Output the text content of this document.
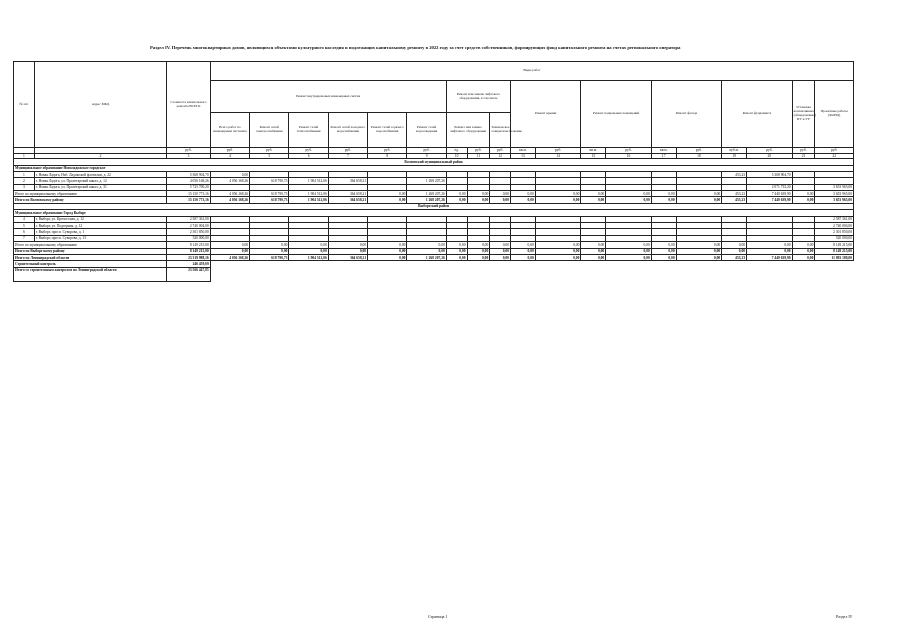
Раздел IV. Перечень многоквартирных домов, являющихся объектами культурного наследия и подлежащих капитальному ремонту в 2022 году за счет средств собственников, формирующих фонд капитального ремонта на счетах регионального оператора
№ п/п	Адрес МКД	Стоимость капитального ремонта ВСЕГО	Виды работ																		
			Ремонт внутридомовых инженерных систем						Ремонт или замена лифтового оборудования, в том числе			Ремонт крыши		Ремонт подвальных помещений		Ремонт фасада		Ремонт фундамента		Установка коллективных (общедомовых) ПУ и УУ	Проектные работы (ФОНД)
			Всего работ по инженерным системам	Ремонт сетей электроснабжения	Ремонт сетей теплоснабжения	Ремонт сетей холодного водоснабжения	Ремонт сетей горячего водоснабжения	Ремонт сетей водоотведения	Ремонт или замена лифтового оборудования		Техническое освидетельствование										
		руб.	руб.	руб.	руб.	руб.	руб.	руб.	ед.	руб.	руб.	кв.м.	руб.	кв.м.	руб.	кв.м.	руб.	куб.м.	руб.	руб.	руб.
1	2	3	4	5	6	7	8	9	10	11	12	13	14	15	16	17	18	19	20	21	22
Волховский муниципальный район																					
Муниципальное образование Новоладожское городское																					
1	г. Новая Ладога, Наб. Ладожской флотилии, д. 22	5 368 904,70	0,00															453,23	5 368 904,70		
2	г. Новая Ладога, ул. Пролетарский канал, д. 12	4 056 168,26	4 056 168,26	618 790,73	1 904 512,06	364 658,21		1 268 207,26													
3	г. Новая Ладога, ул. Пролетарский канал, д. 31	5 725 700,20																	2 071 735,20		3 653 965,00
Итого по муниципальному образованию		15 150 773,16	4 056 168,26	618 790,73	1 904 512,06	364 658,21	0,00	1 268 207,26	0,00	0,00	0,00	0,00	0,00	0,00	0,00	0,00	0,00	453,23	7 440 639,90	0,00	3 653 965,00
Итого по Волховскому району		15 150 773,16	4 056 168,26	618 790,73	1 904 512,06	364 658,21	0,00	1 268 207,26	0,00	0,00	0,00	0,00	0,00	0,00	0,00	0,00	0,00	453,23	7 440 639,90	0,00	3 653 965,00
Выборгский район																					
Муниципальное образование Город Выборг																					
4	г. Выборг, ул. Крепостная, д. 12	2 587 361,00																			2 587 361,00
5	г. Выборг, ул. Подгорная, д. 12	2 740 004,00																			2 740 004,00
6	г. Выборг, просп. Суворова, д. 1	2 301 850,00																			2 301 850,00
7	г. Выборг, просп. Суворова, д. 13	520 000,00																			520 000,00
Итого по муниципальному образованию		8 149 215,00	0,00	0,00	0,00	0,00	0,00	0,00	0,00	0,00	0,00	0,00	0,00	0,00	0,00	0,00	0,00	0,00	0,00	0,00	8 149 215,00
Итого по Выборгскому району		8 149 215,00	0,00	0,00	0,00	0,00	0,00	0,00	0,00	0,00	0,00	0,00	0,00	0,00	0,00	0,00	0,00	0,00	0,00	0,00	8 149 215,00
Итого по Ленинградской области		23 319 988,16	4 056 168,26	618 790,73	1 904 512,06	364 658,21	0,00	1 268 207,26	0,00	0,00	0,00	0,00	0,00	0,00	0,00	0,00	0,00	453,23	7 440 639,90	0,00	11 803 180,00
Строительный контроль		246 459,69																			
Итого со строительным контролем по Ленинградской области		23 566 447,85																			
Страница 1	Раздел IV
